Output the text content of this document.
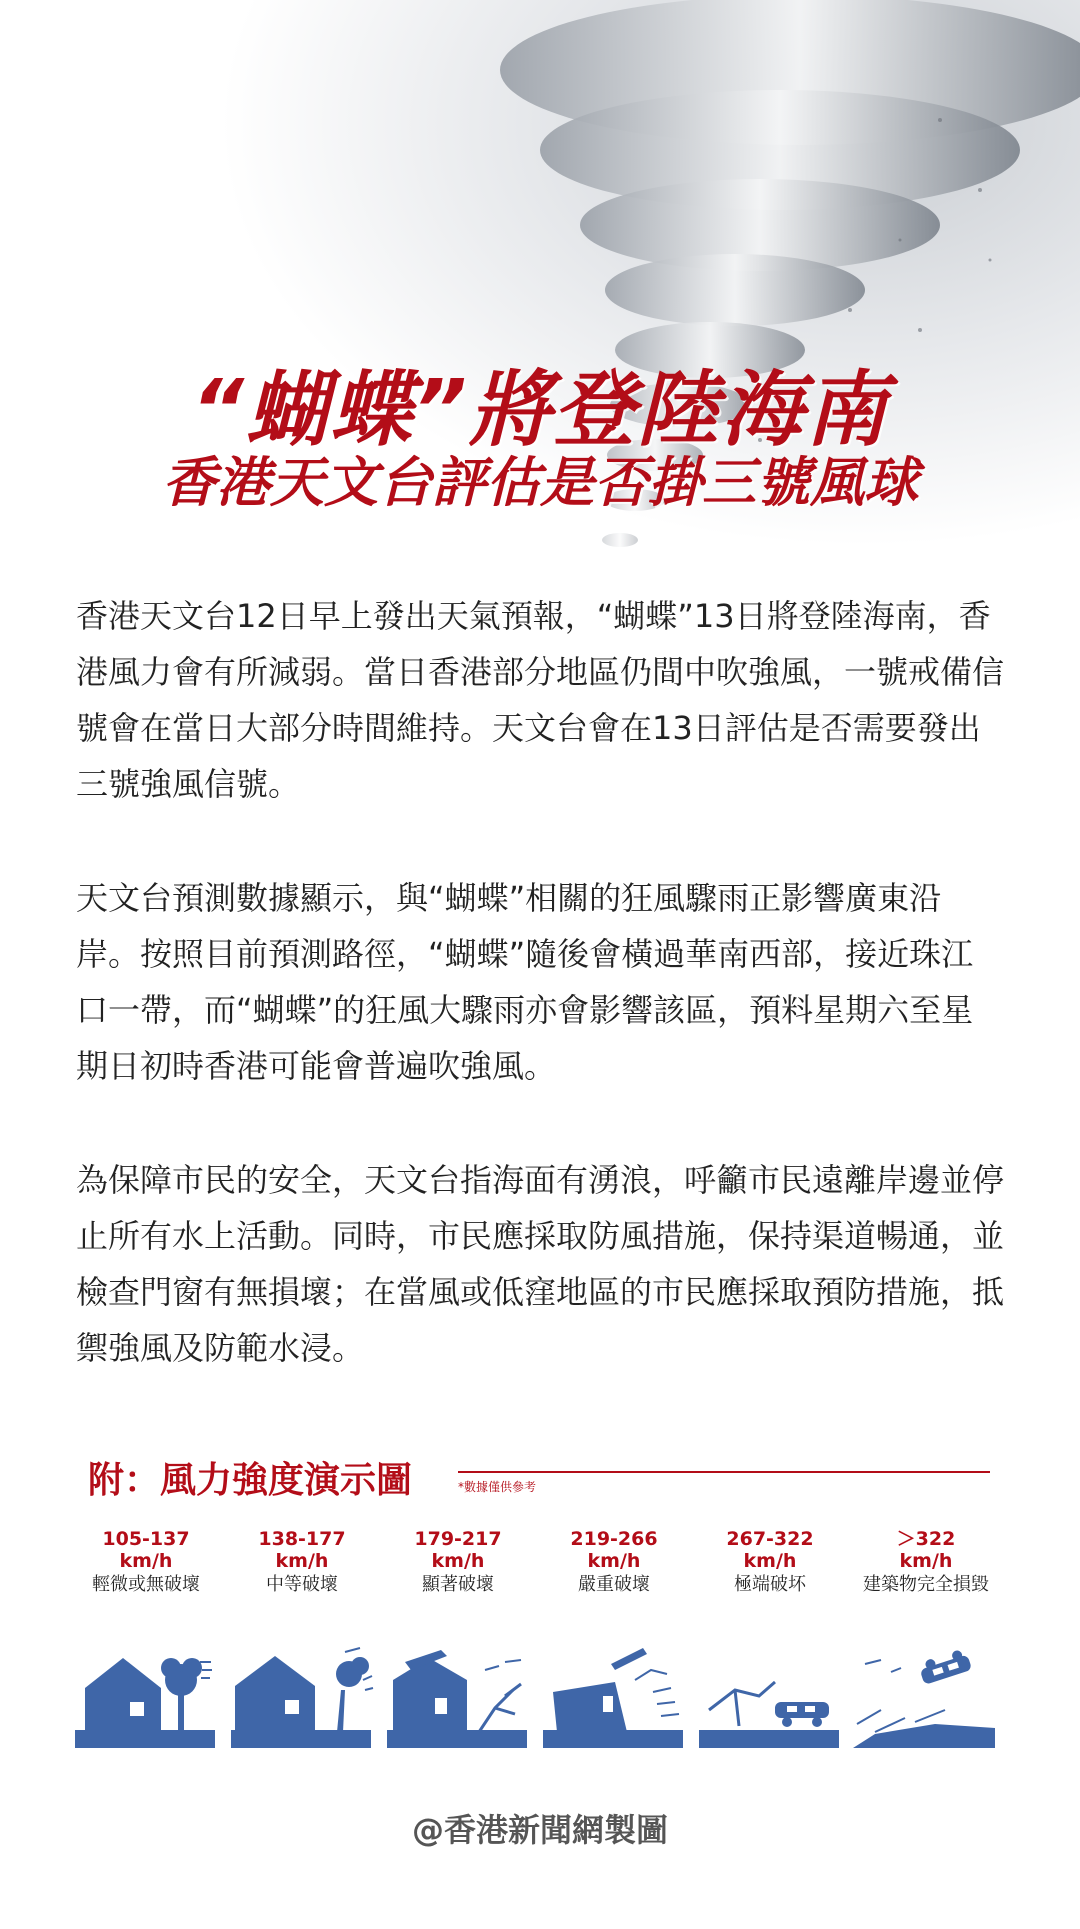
“蝴蝶”將登陸海南
香港天文台評估是否掛三號風球
香港天文台12日早上發出天氣預報，“蝴蝶”13日將登陸海南，香港風力會有所減弱。當日香港部分地區仍間中吹強風，一號戒備信號會在當日大部分時間維持。天文台會在13日評估是否需要發出三號強風信號。
天文台預測數據顯示，與“蝴蝶”相關的狂風驟雨正影響廣東沿岸。按照目前預測路徑，“蝴蝶”隨後會橫過華南西部，接近珠江口一帶，而“蝴蝶”的狂風大驟雨亦會影響該區，預料星期六至星期日初時香港可能會普遍吹強風。
為保障市民的安全，天文台指海面有湧浪，呼籲市民遠離岸邊並停止所有水上活動。同時，市民應採取防風措施，保持渠道暢通，並檢查門窗有無損壞；在當風或低窪地區的市民應採取預防措施，抵禦強風及防範水浸。
附：風力強度演示圖	*數據僅供參考
105-137
km/h
輕微或無破壞
138-177
km/h
中等破壞
179-217
km/h
顯著破壞
219-266
km/h
嚴重破壞
267-322
km/h
極端破坏
＞322
km/h
建築物完全損毀
@香港新聞網製圖
